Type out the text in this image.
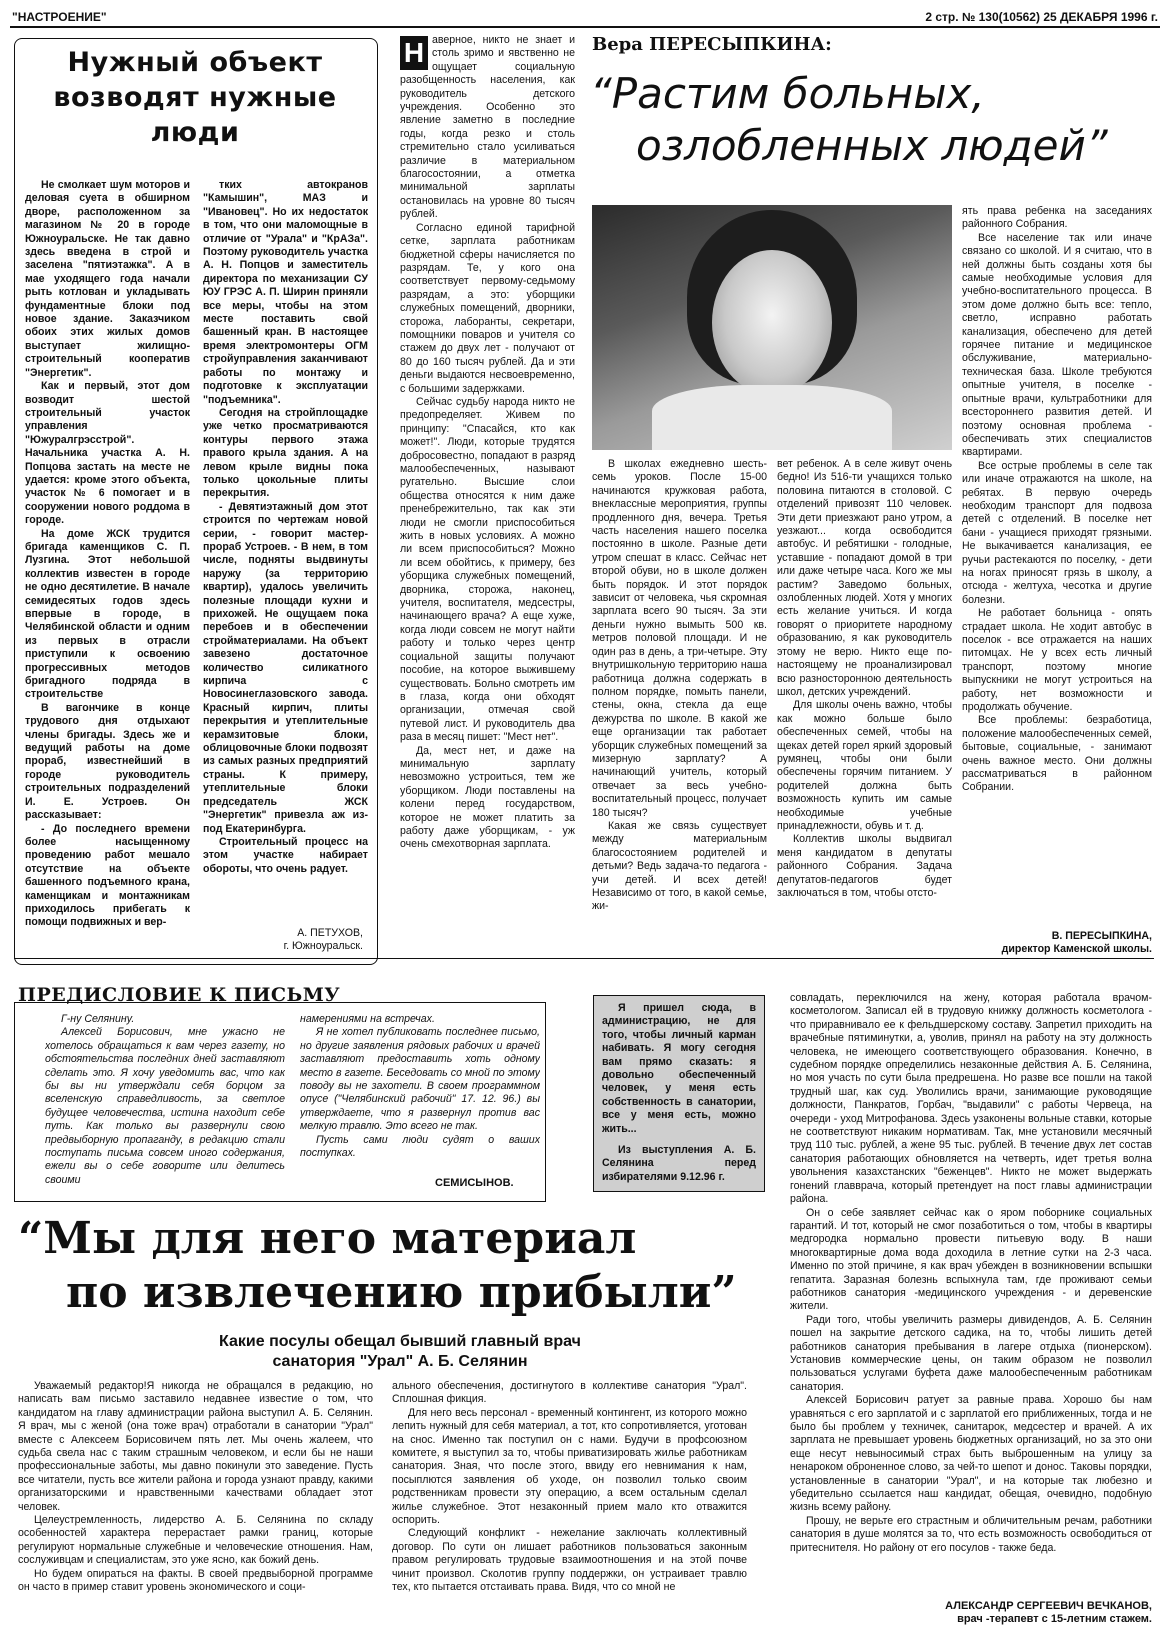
"НАСТРОЕНИЕ"	2 стр. № 130(10562) 25 ДЕКАБРЯ 1996 г.
Нужный объект возводят нужные люди

Не смолкает шум моторов и деловая суета в обширном дворе, расположенном за магазином № 20 в городе Южноуральске. Не так давно здесь введена в строй и заселена "пятиэтажка". А в мае уходящего года начали рыть котлован и укладывать фундаментные блоки под новое здание. Заказчиком обоих этих жилых домов выступает жилищно-строительный кооператив "Энергетик".

Как и первый, этот дом возводит шестой строительный участок управления "Южуралгрэсстрой". Начальника участка А. Н. Попцова застать на месте не удается: кроме этого объекта, участок № 6 помогает и в сооружении нового роддома в городе.

На доме ЖСК трудится бригада каменщиков С. П. Лузгина. Этот небольшой коллектив известен в городе не одно десятилетие. В начале семидесятых годов здесь впервые в городе, в Челябинской области и одним из первых в отрасли приступили к освоению прогрессивных методов бригадного подряда в строительстве

В вагончике в конце трудового дня отдыхают члены бригады. Здесь же и ведущий работы на доме прораб, известнейший в городе руководитель строительных подразделений И. Е. Устроев. Он рассказывает:

- До последнего времени более насыщенному проведению работ мешало отсутствие на объекте башенного подъемного крана, каменщикам и монтажникам приходилось прибегать к помощи подвижных и вер-

тких автокранов "Камышин", МАЗ и "Ивановец". Но их недостаток в том, что они маломощные в отличие от "Урала" и "КрАЗа". Поэтому руководитель участка А. Н. Попцов и заместитель директора по механизации СУ ЮУ ГРЭС А. П. Ширин приняли все меры, чтобы на этом месте поставить свой башенный кран. В настоящее время электромонтеры ОГМ стройуправления заканчивают работы по монтажу и подготовке к эксплуатации "подъемника".

Сегодня на стройплощадке уже четко просматриваются контуры первого этажа правого крыла здания. А на левом крыле видны пока только цокольные плиты перекрытия.

- Девятиэтажный дом этот строится по чертежам новой серии, - говорит мастер-прораб Устроев. - В нем, в том числе, подняты выдвинуты наружу (за территорию квартир), удалось увеличить полезные площади кухни и прихожей. Не ощущаем пока перебоев и в обеспечении стройматериалами. На объект завезено достаточное количество силикатного кирпича с Новосинеглазовского завода. Красный кирпич, плиты перекрытия и утеплительные керамзитовые блоки, облицовочные блоки подвозят из самых разных предприятий страны. К примеру, утеплительные блоки председатель ЖСК "Энергетик" привезла аж из-под Екатеринбурга.

Строительный процесс на этом участке набирает обороты, что очень радует.

А. ПЕТУХОВ,
г. Южноуральск.
Вера ПЕРЕСЫПКИНА:
“Растим больных,
озлобленных людей”
Н аверное, никто не знает и столь зримо и явственно не ощущает социальную разобщенность населения, как руководитель детского учреждения. Особенно это явление заметно в последние годы, когда резко и столь стремительно стало усиливаться различие в материальном благосостоянии, а отметка минимальной зарплаты остановилась на уровне 80 тысяч рублей.

Согласно единой тарифной сетке, зарплата работникам бюджетной сферы начисляется по разрядам. Те, у кого она соответствует первому-седьмому разрядам, а это: уборщики служебных помещений, дворники, сторожа, лаборанты, секретари, помощники поваров и учителя со стажем до двух лет - получают от 80 до 160 тысяч рублей. Да и эти деньги выдаются несвоевременно, с большими задержками.

Сейчас судьбу народа никто не предопределяет. Живем по принципу: "Спасайся, кто как может!". Люди, которые трудятся добросовестно, попадают в разряд малообеспеченных, называют ругательно. Высшие слои общества относятся к ним даже пренебрежительно, так как эти люди не смогли приспособиться жить в новых условиях. А можно ли всем приспособиться? Можно ли всем обойтись, к примеру, без уборщика служебных помещений, дворника, сторожа, наконец, учителя, воспитателя, медсестры, начинающего врача? А еще хуже, когда люди совсем не могут найти работу и только через центр социальной защиты получают пособие, на которое выжившему существовать. Больно смотреть им в глаза, когда они обходят организации, отмечая свой путевой лист. И руководитель два раза в месяц пишет: "Мест нет".

Да, мест нет, и даже на минимальную зарплату невозможно устроиться, тем же уборщиком. Люди поставлены на колени перед государством, которое не может платить за работу даже уборщикам, - уж очень смехотворная зарплата.

В школах ежедневно шесть-семь уроков. После 15-00 начинаются кружковая работа, внеклассные мероприятия, группы продленного дня, вечера. Третья часть населения нашего поселка постоянно в школе. Разные дети утром спешат в класс. Сейчас нет второй обуви, но в школе должен быть порядок. И этот порядок зависит от человека, чья скромная зарплата всего 90 тысяч. За эти деньги нужно вымыть 500 кв. метров половой площади. И не один раз в день, а три-четыре. Эту внутришкольную территорию наша работница должна содержать в полном порядке, помыть панели, стены, окна, стекла да еще дежурства по школе. В какой же еще организации так работает уборщик служебных помещений за мизерную зарплату? А начинающий учитель, который отвечает за весь учебно-воспитательный процесс, получает 180 тысяч?

Какая же связь существует между материальным благосостоянием родителей и детьми? Ведь задача-то педагога - учи детей. И всех детей! Независимо от того, в какой семье, жи-

вет ребенок. А в селе живут очень бедно! Из 516-ти учащихся только половина питаются в столовой. С отделений привозят 110 человек. Эти дети приезжают рано утром, а уезжают... когда освободится автобус. И ребятишки - голодные, уставшие - попадают домой в три или даже четыре часа. Кого же мы растим? Заведомо больных, озлобленных людей. Хотя у многих есть желание учиться. И когда говорят о приоритете народному образованию, я как руководитель этому не верю. Никто еще по-настоящему не проанализировал всю разносторонною деятельность школ, детских учреждений.

Для школы очень важно, чтобы как можно больше было обеспеченных семей, чтобы на щеках детей горел яркий здоровый румянец, чтобы они были обеспечены горячим питанием. У родителей должна быть возможность купить им самые необходимые учебные принадлежности, обувь и т. д.

Коллектив школы выдвигал меня кандидатом в депутаты районного Собрания. Задача депутатов-педагогов будет заключаться в том, чтобы отсто-

ять права ребенка на заседаниях районного Собрания.

Все население так или иначе связано со школой. И я считаю, что в ней должны быть созданы хотя бы самые необходимые условия для учебно-воспитательного процесса. В этом доме должно быть все: тепло, светло, исправно работать канализация, обеспечено для детей горячее питание и медицинское обслуживание, материально-техническая база. Школе требуются опытные учителя, в поселке - опытные врачи, культработники для всестороннего развития детей. И поэтому основная проблема - обеспечивать этих специалистов квартирами.

Все острые проблемы в селе так или иначе отражаются на школе, на ребятах. В первую очередь необходим транспорт для подвоза детей с отделений. В поселке нет бани - учащиеся приходят грязными. Не выкачивается канализация, ее ручьи растекаются по поселку, - дети на ногах приносят грязь в школу, а отсюда - желтуха, чесотка и другие болезни.

Не работает больница - опять страдает школа. Не ходит автобус в поселок - все отражается на наших питомцах. Не у всех есть личный транспорт, поэтому многие выпускники не могут устроиться на работу, нет возможности и продолжать обучение.

Все проблемы: безработица, положение малообеспеченных семей, бытовые, социальные, - занимают очень важное место. Они должны рассматриваться в районном Собрании.

В. ПЕРЕСЫПКИНА,
директор Каменской школы.
ПРЕДИСЛОВИЕ К ПИСЬМУ

Г-ну Селянину.

Алексей Борисович, мне ужасно не хотелось обращаться к вам через газету, но обстоятельства последних дней заставляют сделать это. Я хочу уведомить вас, что как бы вы ни утверждали себя борцом за вселенскую справедливость, за светлое будущее человечества, истина находит себе путь. Как только вы развернули свою предвыборную пропаганду, в редакцию стали поступать письма совсем иного содержания, ежели вы о себе говорите или делитесь своими

намерениями на встречах.

Я не хотел публиковать последнее письмо, но другие заявления рядовых рабочих и врачей заставляют предоставить хоть одному место в газете. Беседовать со мной по этому поводу вы не захотели. В своем программном опусе ("Челябинский рабочий" 17. 12. 96.) вы утверждаете, что я развернул против вас мелкую травлю. Это всего не так.

Пусть сами люди судят о ваших поступках.

СЕМИСЫНОВ.

Я пришел сюда, в администрацию, не для того, чтобы личный карман набивать. Я могу сегодня вам прямо сказать: я довольно обеспеченный человек, у меня есть собственность в санатории, все у меня есть, можно жить...

Из выступления А. Б. Селянина перед избирателями 9.12.96 г.

“Мы для него материал
по извлечению прибыли”
Какие посулы обещал бывший главный врач
санатория "Урал" А. Б. Селянин

Уважаемый редактор!Я никогда не обращался в редакцию, но написать вам письмо заставило недавнее известие о том, что кандидатом на главу администрации района выступил А. Б. Селянин. Я врач, мы с женой (она тоже врач) отработали в санатории "Урал" вместе с Алексеем Борисовичем пять лет. Мы очень жалеем, что судьба свела нас с таким страшным человеком, и если бы не наши профессиональные заботы, мы давно покинули это заведение. Пусть все читатели, пусть все жители района и города узнают правду, какими организаторскими и нравственными качествами обладает этот человек.

Целеустремленность, лидерство А. Б. Селянина по складу особенностей характера перерастает рамки границ, которые регулируют нормальные служебные и человеческие отношения. Нам, сослуживцам и специалистам, это уже ясно, как божий день.

Но будем опираться на факты. В своей предвыборной программе он часто в пример ставит уровень экономического и соци-

ального обеспечения, достигнутого в коллективе санатория "Урал". Сплошная фикция.

Для него весь персонал - временный контингент, из которого можно лепить нужный для себя материал, а тот, кто сопротивляется, уготован на снос. Именно так поступил он с нами. Будучи в профсоюзном комитете, я выступил за то, чтобы приватизировать жилье работникам санатория. Зная, что после этого, ввиду его невнимания к нам, посыплются заявления об уходе, он позволил только своим родственникам провести эту операцию, а всем остальным сделал жилье служебное. Этот незаконный прием мало кто отважится оспорить.

Следующий конфликт - нежелание заключать коллективный договор. По сути он лишает работников пользоваться законным правом регулировать трудовые взаимоотношения и на этой почве чинит произвол. Сколотив группу поддержки, он устраивает травлю тех, кто пытается отстаивать права. Видя, что со мной не

совладать, переключился на жену, которая работала врачом-косметологом. Записал ей в трудовую книжку должность косметолога - что приравнивало ее к фельдшерскому составу. Запретил приходить на врачебные пятиминутки, а, уволив, принял на работу на эту должность человека, не имеющего соответствующего образования. Конечно, в судебном порядке определились незаконные действия А. Б. Селянина, но моя участь по сути была предрешена. Но разве все пошли на такой трудный шаг, как суд. Уволились врачи, занимающие руководящие должности, Панкратов, Горбач, "выдавили" с работы Червеца, на очереди - уход Митрофанова. Здесь узаконены вольные ставки, которые не соответствуют никаким нормативам. Так, мне установили месячный труд 110 тыс. рублей, а жене 95 тыс. рублей. В течение двух лет состав санатория работающих обновляется на четверть, идет третья волна увольнения казахстанских "беженцев". Никто не может выдержать гонений главврача, который претендует на пост главы администрации района.

Он о себе заявляет сейчас как о яром поборнике социальных гарантий. И тот, который не смог позаботиться о том, чтобы в квартиры медгородка нормально провести питьевую воду. В наши многоквартирные дома вода доходила в летние сутки на 2-3 часа. Именно по этой причине, я как врач убежден в возникновении вспышки гепатита. Заразная болезнь вспыхнула там, где проживают семьи работников санатория -медицинского учреждения - и деревенские жители.

Ради того, чтобы увеличить размеры дивидендов, А. Б. Селянин пошел на закрытие детского садика, на то, чтобы лишить детей работников санатория пребывания в лагере отдыха (пионерском). Установив коммерческие цены, он таким образом не позволил пользоваться услугами буфета даже малообеспеченным работникам санатория.

Алексей Борисович ратует за равные права. Хорошо бы нам уравняться с его зарплатой и с зарплатой его приближенных, тогда и не было бы проблем у техничек, санитарок, медсестер и врачей. А их зарплата не превышает уровень бюджетных организаций, но за это они еще несут невыносимый страх быть выброшенным на улицу за ненароком оброненное слово, за чей-то шепот и донос. Таковы порядки, установленные в санатории "Урал", и на которые так любезно и убедительно ссылается наш кандидат, обещая, очевидно, подобную жизнь всему району.

Прошу, не верьте его страстным и обличительным речам, работники санатория в душе молятся за то, что есть возможность освободиться от притеснителя. Но району от его посулов - также беда.

АЛЕКСАНДР СЕРГЕЕВИЧ ВЕЧКАНОВ,
врач -терапевт с 15-летним стажем.
